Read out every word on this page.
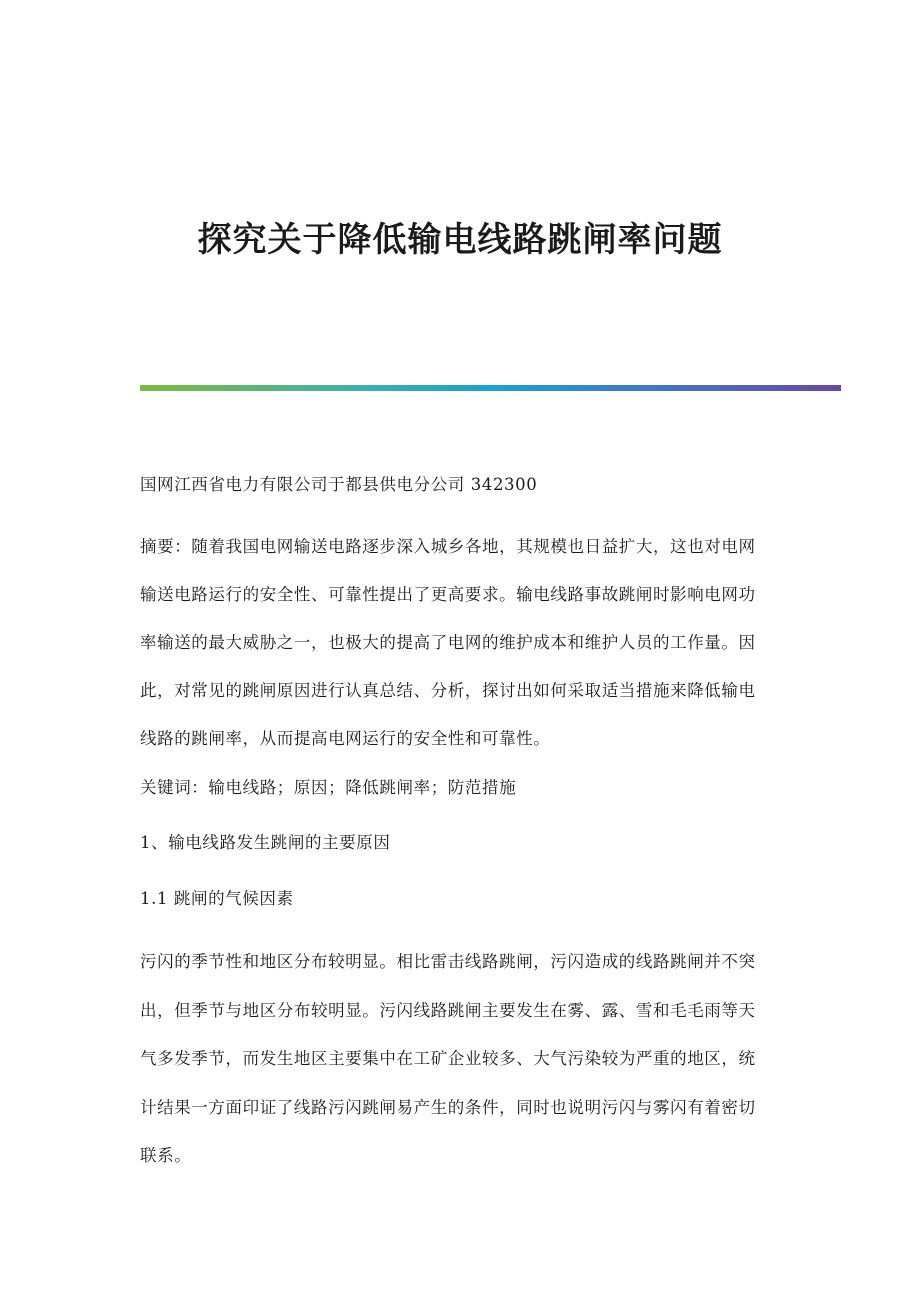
探究关于降低输电线路跳闸率问题
国网江西省电力有限公司于都县供电分公司 342300
摘要：随着我国电网输送电路逐步深入城乡各地，其规模也日益扩大，这也对电网输送电路运行的安全性、可靠性提出了更高要求。输电线路事故跳闸时影响电网功率输送的最大威胁之一，也极大的提高了电网的维护成本和维护人员的工作量。因此，对常见的跳闸原因进行认真总结、分析，探讨出如何采取适当措施来降低输电线路的跳闸率，从而提高电网运行的安全性和可靠性。
关键词：输电线路；原因；降低跳闸率；防范措施
1、输电线路发生跳闸的主要原因
1.1 跳闸的气候因素
污闪的季节性和地区分布较明显。相比雷击线路跳闸，污闪造成的线路跳闸并不突出，但季节与地区分布较明显。污闪线路跳闸主要发生在雾、露、雪和毛毛雨等天气多发季节，而发生地区主要集中在工矿企业较多、大气污染较为严重的地区，统计结果一方面印证了线路污闪跳闸易产生的条件，同时也说明污闪与雾闪有着密切联系。
